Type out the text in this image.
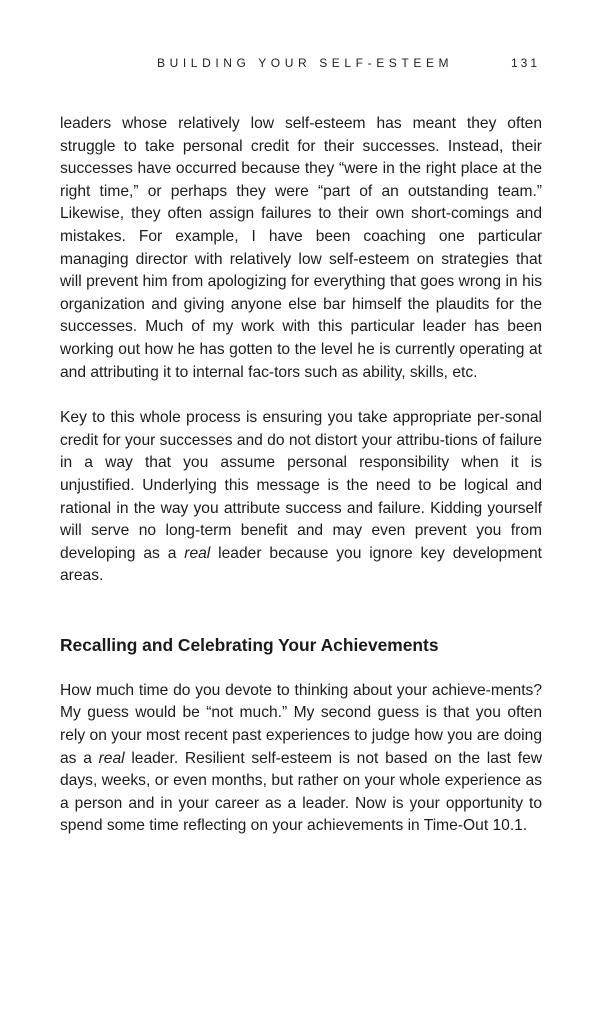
BUILDING YOUR SELF-ESTEEM	131

leaders whose relatively low self-esteem has meant they often struggle to take personal credit for their successes. Instead, their successes have occurred because they “were in the right place at the right time,” or perhaps they were “part of an outstanding team.” Likewise, they often assign failures to their own short-comings and mistakes. For example, I have been coaching one particular managing director with relatively low self-esteem on strategies that will prevent him from apologizing for everything that goes wrong in his organization and giving anyone else bar himself the plaudits for the successes. Much of my work with this particular leader has been working out how he has gotten to the level he is currently operating at and attributing it to internal fac-tors such as ability, skills, etc.

Key to this whole process is ensuring you take appropriate per-sonal credit for your successes and do not distort your attribu-tions of failure in a way that you assume personal responsibility when it is unjustified. Underlying this message is the need to be logical and rational in the way you attribute success and failure. Kidding yourself will serve no long-term benefit and may even prevent you from developing as a real leader because you ignore key development areas.

Recalling and Celebrating Your Achievements

How much time do you devote to thinking about your achieve-ments? My guess would be “not much.” My second guess is that you often rely on your most recent past experiences to judge how you are doing as a real leader. Resilient self-esteem is not based on the last few days, weeks, or even months, but rather on your whole experience as a person and in your career as a leader. Now is your opportunity to spend some time reflecting on your achievements in Time-Out 10.1.
